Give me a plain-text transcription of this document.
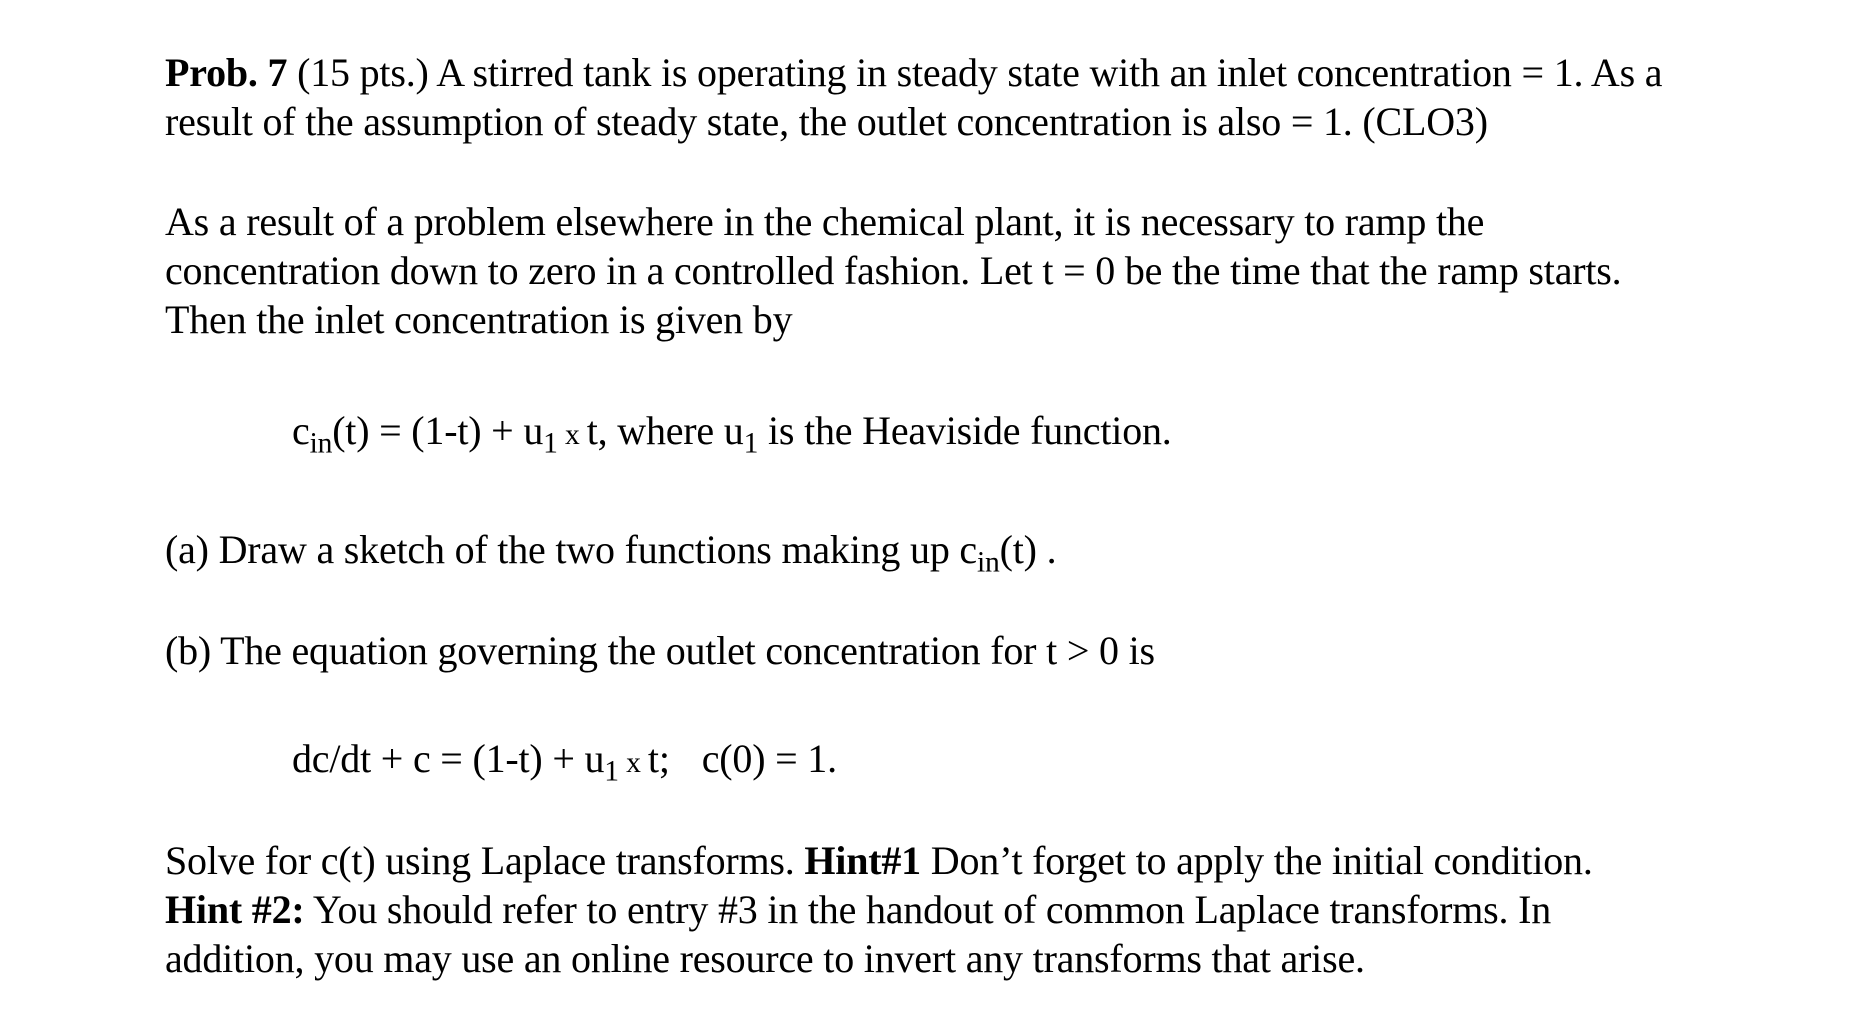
Prob. 7 (15 pts.) A stirred tank is operating in steady state with an inlet concentration = 1. As a
result of the assumption of steady state, the outlet concentration is also = 1. (CLO3)
As a result of a problem elsewhere in the chemical plant, it is necessary to ramp the
concentration down to zero in a controlled fashion. Let t = 0 be the time that the ramp starts.
Then the inlet concentration is given by
$c_{in}(t) = (1-t) + u_1$ x t, where $u_1$ is the Heaviside function.
(a) Draw a sketch of the two functions making up $c_{in}(t)$ .
(b) The equation governing the outlet concentration for t > 0 is
$dc/dt + c = (1-t) + u_1$ x t; c(0) = 1.
Solve for c(t) using Laplace transforms. Hint#1 Don’t forget to apply the initial condition.
Hint #2: You should refer to entry #3 in the handout of common Laplace transforms. In
addition, you may use an online resource to invert any transforms that arise.
